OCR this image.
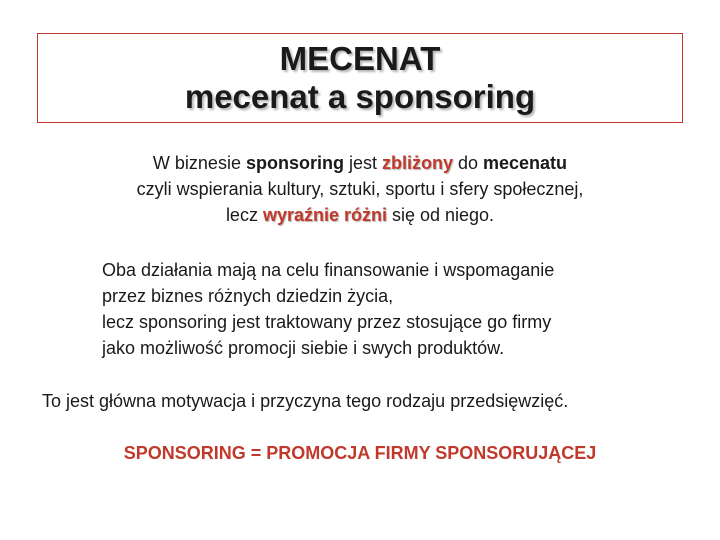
MECENAT
mecenat a sponsoring
W biznesie sponsoring jest zbliżony do mecenatu
czyli wspierania kultury, sztuki, sportu i sfery społecznej,
lecz wyraźnie różni się od niego.
Oba działania mają na celu finansowanie i wspomaganie
przez biznes różnych dziedzin życia,
lecz sponsoring jest traktowany przez stosujące go firmy
jako możliwość promocji siebie i swych produktów.
To jest główna motywacja i przyczyna tego rodzaju przedsięwzięć.
SPONSORING = PROMOCJA FIRMY SPONSORUJĄCEJ
